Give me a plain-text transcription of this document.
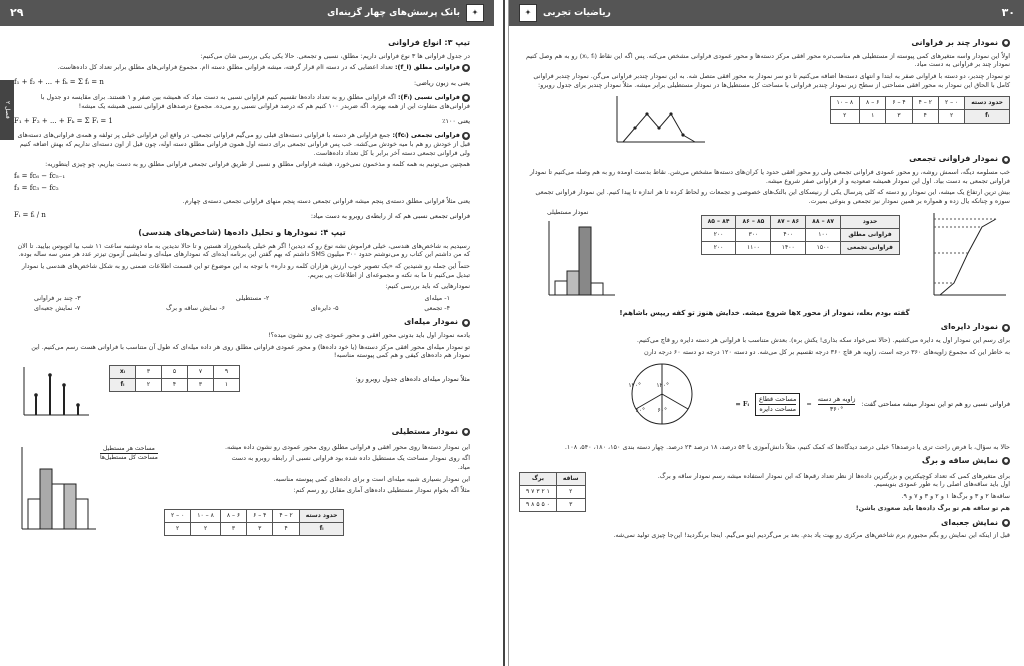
۲۹	بانک پرسش‌های چهار گزینه‌ای	✦
فصل ۲
تیپ ۳: انواع فراوانی
در جدول فراوانی ها ۳ نوع فراوانی داریم: مطلق، نسبی و تجمعی. حالا یکی یکی بررسی شان می‌کنیم:
● فراوانی مطلق (f_i): تعداد اعضایی که در دسته iام قرار گرفته، میشه فراوانی مطلق دسته iام. مجموع فراوانی‌های مطلق برابر تعداد کل داده‌هاست.
یعنی به زبون ریاضی:
f₁ + f₂ + ... + fₖ = Σ fᵢ = n
● فراوانی نسبی (Fᵢ): اگه فراوانی مطلق رو به تعداد داده‌ها تقسیم کنیم فراوانی نسبی به دست میاد که همیشه بین صفر و ۱ هستند. برای مقایسه دو جدول با فراوانی‌های متفاوت این از همه بهتره. اگه ضربدر ۱۰۰ کنیم هم که درصد فراوانی نسبی رو می‌ده. مجموع درصدهای فراوانی نسبی همیشه یک میشه!
یعنی ۱۰۰٪
F₁ + F₂ + ... + Fₖ = Σ Fᵢ = 1
● فراوانی تجمعی (fcᵢ): جمع فراوانی هر دسته با فراوانی دسته‌های قبلی رو می‌گیم فراوانی تجمعی. در واقع این فراوانی خیلی پر تولفه و همه‌ی فراوانی‌های دسته‌های قبل از خودش رو هم با میه خودش می‌کشه. خب پس فراوانی تجمعی برای دسته اول همون فراوانی مطلق دسته اوله، چون قبل از اون دسته‌ای نداریم که بهش اضافه کنیم ولی فراوانی تجمعی دسته آخر برابر با کل تعداد داده‌هاست.
همچنین می‌تونیم به همه کلمه و مذخمون نمی‌خورد، هیشه فراوانی مطلق و نسبی از طریق فراوانی تجمعی فراوانی مطلق رو به دست بیاریم، چو چیزی اینطوریه:
f₆ = fc₆ − fc₅₋₁
f₃ = fc₃ − fc₂
یعنی مثلاً فراوانی مطلق دسته‌ی پنجم میشه فراوانی تجمعی دسته پنجم منهای فراوانی تجمعی دسته‌ی چهارم.
فراوانی تجمعی نسبی هم که از رابطه‌ی روبرو به دست میاد:
Fᵢ = fᵢ / n
تیپ ۴: نمودارها و تحلیل داده‌ها (شاخص‌های هندسی)
رسیدیم به شاخص‌های هندسی، خیلی فراموش نشه نوع رو که دیدین! اگر هم خیلی پاسخورزاد هستین و تا حالا ندیدین به ماه دوشنبه ساعت ۱۱ شب بیا اتوبوس بیایید. تا الان که من داشتم این کتاب رو می‌نوشتم حدود ۳۰۰ میلیون SMS داشتم که بهم گفتن این برنامه ایده‌ای که نمودارهای میله‌ای و نمایشی آزمون تیزتر عدد هر مس سه ساله بوده.
حتماً این جمله رو شنیدین که «یک تصویر خوب ارزش هزاران کلمه رو داره» با توجه به این موضوع تو این قسمت اطلاعات ضمنی رو به شکل شاخص‌های هندسی یا نمودار تبدیل می‌کنیم تا ما به نکته و مجموعه‌ای از اطلاعات پی ببریم.
نمودارهایی که باید بررسی کنیم:
۱- میله‌ای
۲- مستطیلی
۳- چند بر فراوانی
۴- تجمعی
۵- دایره‌ای
۶- نمایش ساقه و برگ
۷- نمایش جعبه‌ای
●
نمودار میله‌ای
یادمه نمودار اول باید بدونی محور افقی و محور عمودی چی رو نشون میده؟!
تو نمودار میله‌ای محور افقی مرکز دسته‌ها (یا خود داده‌ها) و محور عمودی فراوانی مطلق روی هر داده میله‌ای که طول آن متناسب با فراوانی هست رسم می‌کنیم. این نمودار هم داده‌های کیفی و هم کمی پیوسته مناسبه!
مثلاً نمودار میله‌ای داده‌های جدول روبرو رو:
xᵢ	۳	۵	۷	۹
fᵢ	۲	۴	۳	۱
●
نمودار مستطیلی
این نمودار دسته‌ها روی محور افقی و فراوانی مطلق روی محور عمودی رو نشون داده میشه.
اگه روی نمودار مساحت یک مستطیل داده شده بود فراوانی نسبی از رابطه روبرو به دست میاد.
این نمودار بسیاری شبیه میله‌ای است و برای داده‌های کمی پیوسته مناسبه.
مثلاً اگه بخوام نمودار مستطیلی داده‌های آماری مقابل رو رسم کنم:
مساحت هر مستطیل
مساحت کل مستطیل‌ها
حدود دسته	۲ – ۴	۴ – ۶	۶ – ۸	۸ – ۱۰	۰ – ۲
fᵢ	۴	۳	۳	۲	۲
✦	ریاضیات تجربی	۳۰
●
نمودار چند بر فراوانی
اولاً این نمودار واسه متغیرهای کمی پیوسته از مستطیلی هم مناسب‌تره محور افقی مرکز دسته‌ها و محور عمودی فراوانی مشخص می‌کنه. پس اگه این نقاط (xᵢ, fᵢ) رو به هم وصل کنیم نمودار چند بر فراوانی به دست میاد.
تو نمودار چندبر، دو دسته با فراوانی صفر به ابتدا و انتهای دسته‌ها اضافه می‌کنیم تا دو سر نمودار به محور افقی متصل شه. به این نمودار چندبر فراوانی می‌گن. نمودار چندبر فراوانی کامل با الحاق این نمودار به محور افقی مساحتی از سطح زیر نمودار چندبر فراوانی با مساحت کل مستطیل‌ها در نمودار مستطیلی برابر میشه. مثلاً نمودار چندبر برای جدول روبرو:
حدود دسته	۰ – ۲	۲ – ۴	۴ – ۶	۶ – ۸	۸ – ۱۰
fᵢ	۲	۴	۳	۱	۲
●
نمودار فراوانی تجمعی
خب مسلومه دیگه، اسمش روشه، رو محور عمودی فراوانی تجمعی ولی رو محور افقی حدود یا کران‌های دسته‌ها مشخص می‌شن. نقاط بدست اومده رو به هم وصله می‌کنیم تا نمودار فراوانی تجمعی به دست بیاد. اول این نمودار همیشه صعودیه و از فراوانی صفر شروع میشه.
بیش ترین ارتفاع یک میشه، این نمودار رو دسته که کلی پترسال یکی از رنیسکای این بالتک‌های خصوصی و تجمعات رو لحاظ کرده تا هر اندازه تا پیدا کنیم. این نمودار فراوانی تجمعی سوزه و چنانکه یال زده و همواره بر همین نمودار نیز تجمعی و بنوعی بمیرت.
حدود	۸۷ – ۸۸	۸۶ – ۸۷	۸۵ – ۸۶	۸۴ – ۸۵
فراوانی مطلق	۱۰۰	۴۰۰	۳۰۰	۲۰۰
فراوانی تجمعی	۱۵۰۰	۱۴۰۰	۱۱۰۰	۲۰۰
نمودار مستطیلی
گفته بودم بعله، نمودار از محور xها شروع میشه. خدایش هنوز تو کفه ریپس باشاهم!
●
نمودار دایره‌ای
برای رسم این نمودار اول یه دایره می‌کشیم. (حالا نمی‌خواد سکه بذاری! یکش بره). بعدش متناسب با فراوانی هر دسته دایره رو قاچ می‌کنیم.
به خاطر این که مجموع زاویه‌های ۳۶۰ درجه است، زاویه هر قاچ ۳۶۰ درجه تقسیم بر کل می‌شه. دو دسته ۱۲۰ درجه دو دسته ۶۰ درجه دارن
۱۲۰°
۶۰°
۶۰°
۱۲۰°
فراوانی نسبی رو هم تو این نمودار میشه مساحتی گفت:
زاویه هر دسته
۳۶۰°
=
مساحت قطاع
مساحت دایره
Fᵢ =
حالا به سؤال، با فرض راحت تری یا درصدها؟ خیلی درصد دیدگاه‌ها که کمک کنیم، مثلاً دانش‌آموزی با ۵۴ درصد، ۱۸ درصد ۲۴ درصد. چهار دسته بندی ۱۵۰، ۱۸۰، ۵۴۰، ۱۰۸.
●
نمایش ساقه و برگ
برای متغیرهای کمی که تعداد کوچیکترین و بزرگترین داده‌ها از نظر تعداد رقم‌ها که این نمودار استفاده میشه رسم نمودار ساقه و برگ. اول باید ساقه‌های اصلی را به طور عمودی بنویسیم.
ساقه‌ها ۲ و ۳ و برگ‌ها ۱ و ۲ و ۳ و ۷ و ۹.
هم تو ساقه هم تو برگ داده‌ها باید صعودی باشن!
ساقه	برگ
۲	۱ ۲ ۳ ۷ ۹
۳	۰ ۵ ۵ ۸ ۹
●
نمایش جعبه‌ای
قبل از اینکه این نمایش رو بگم مجبورم برم شاخص‌های مرکزی رو بهت یاد بدم. بعد بر می‌گردیم اینو می‌گیم. اینجا برنگردید! این‌جا چیزی تولید نمی‌شه.
